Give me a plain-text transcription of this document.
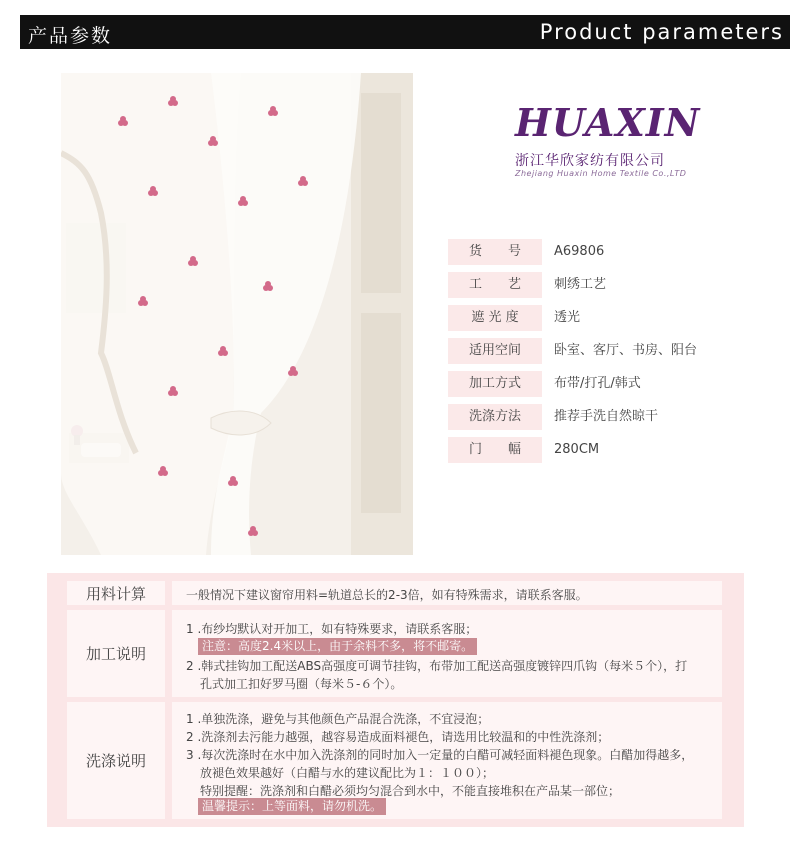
产品参数	Product parameters
HUAXIN
浙江华欣家纺有限公司
Zhejiang Huaxin Home Textile Co.,LTD
货　　号	A69806
工　　艺	刺绣工艺
遮 光 度	透光
适用空间	卧室、客厅、书房、阳台
加工方式	布带/打孔/韩式
洗涤方法	推荐手洗自然晾干
门　　幅	280CM
用料计算	一般情况下建议窗帘用料=轨道总长的2-3倍，如有特殊需求，请联系客服。
加工说明
1 .布纱均默认对开加工，如有特殊要求，请联系客服；
注意：高度2.4米以上，由于余料不多，将不邮寄。
2 .韩式挂钩加工配送ABS高强度可调节挂钩，布带加工配送高强度镀锌四爪钩（每米５个），打
孔式加工扣好罗马圈（每米５-６个）。
洗涤说明
1 .单独洗涤，避免与其他颜色产品混合洗涤，不宜浸泡；
2 .洗涤剂去污能力越强，越容易造成面料褪色，请选用比较温和的中性洗涤剂；
3 .每次洗涤时在水中加入洗涤剂的同时加入一定量的白醋可减轻面料褪色现象。白醋加得越多，
放褪色效果越好（白醋与水的建议配比为１：１００）；
特别提醒：洗涤剂和白醋必须均匀混合到水中，不能直接堆积在产品某一部位；
温馨提示：上等面料，请勿机洗。
